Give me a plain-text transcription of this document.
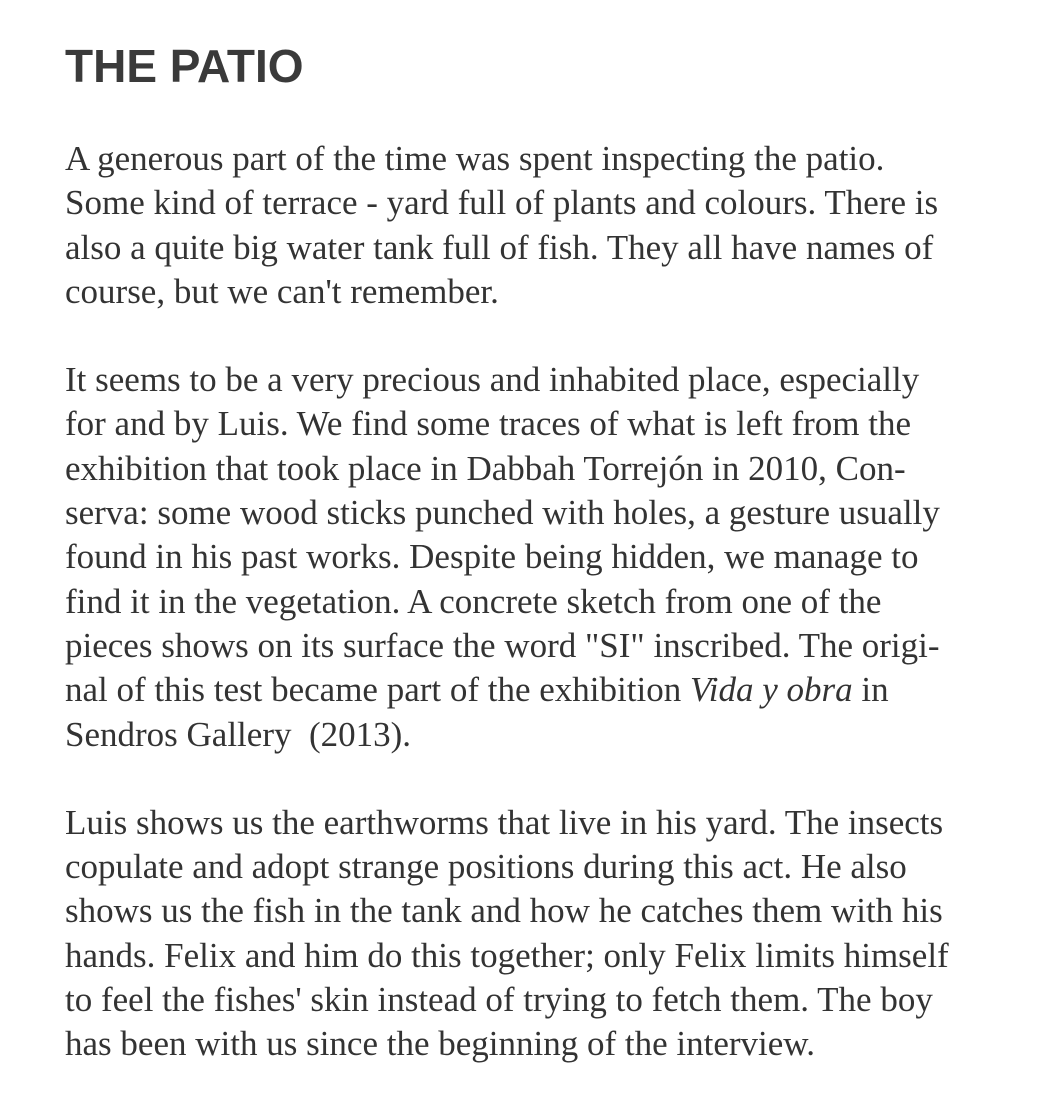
THE PATIO

A generous part of the time was spent inspecting the patio.
Some kind of terrace - yard full of plants and colours. There is
also a quite big water tank full of fish. They all have names of
course, but we can't remember.

It seems to be a very precious and inhabited place, especially
for and by Luis. We find some traces of what is left from the
exhibition that took place in Dabbah Torrejón in 2010, Con-
serva: some wood sticks punched with holes, a gesture usually
found in his past works. Despite being hidden, we manage to
find it in the vegetation. A concrete sketch from one of the
pieces shows on its surface the word "SI" inscribed. The origi-
nal of this test became part of the exhibition Vida y obra in
Sendros Gallery  (2013).

Luis shows us the earthworms that live in his yard. The insects
copulate and adopt strange positions during this act. He also
shows us the fish in the tank and how he catches them with his
hands. Felix and him do this together; only Felix limits himself
to feel the fishes' skin instead of trying to fetch them. The boy
has been with us since the beginning of the interview.
